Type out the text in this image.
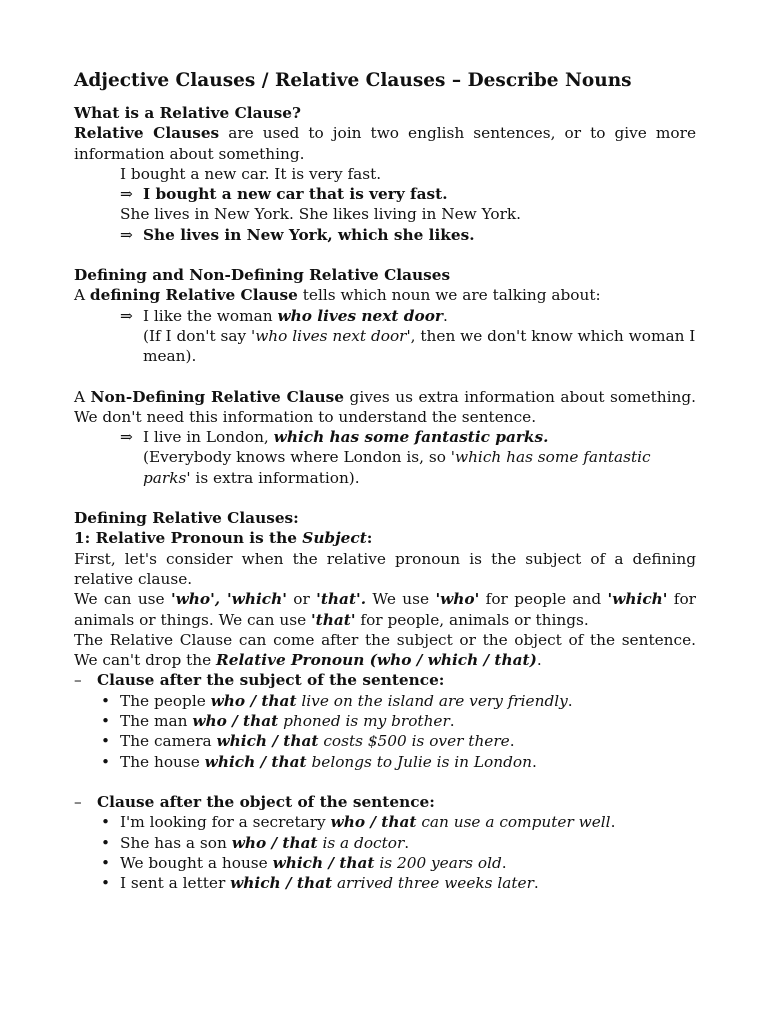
Adjective Clauses / Relative Clauses – Describe Nouns

What is a Relative Clause?

Relative Clauses are used to join two english sentences, or to give more information about something.

I bought a new car. It is very fast.

⇒ I bought a new car that is very fast.

She lives in New York. She likes living in New York.

⇒ She lives in New York, which she likes.

Defining and Non-Defining Relative Clauses

A defining Relative Clause tells which noun we are talking about:

⇒ I like the woman who lives next door.

(If I don't say 'who lives next door', then we don't know which woman I mean).

A Non-Defining Relative Clause gives us extra information about something. We don't need this information to understand the sentence.

⇒ I live in London, which has some fantastic parks.

(Everybody knows where London is, so 'which has some fantastic parks' is extra information).

Defining Relative Clauses:

1: Relative Pronoun is the Subject:

First, let's consider when the relative pronoun is the subject of a defining relative clause.

We can use 'who', 'which' or 'that'. We use 'who' for people and 'which' for animals or things. We can use 'that' for people, animals or things.

The Relative Clause can come after the subject or the object of the sentence. We can't drop the Relative Pronoun (who / which / that).

– Clause after the subject of the sentence:

• The people who / that live on the island are very friendly.
• The man who / that phoned is my brother.
• The camera which / that costs $500 is over there.
• The house which / that belongs to Julie is in London.

– Clause after the object of the sentence:

• I'm looking for a secretary who / that can use a computer well.
• She has a son who / that is a doctor.
• We bought a house which / that is 200 years old.
• I sent a letter which / that arrived three weeks later.
